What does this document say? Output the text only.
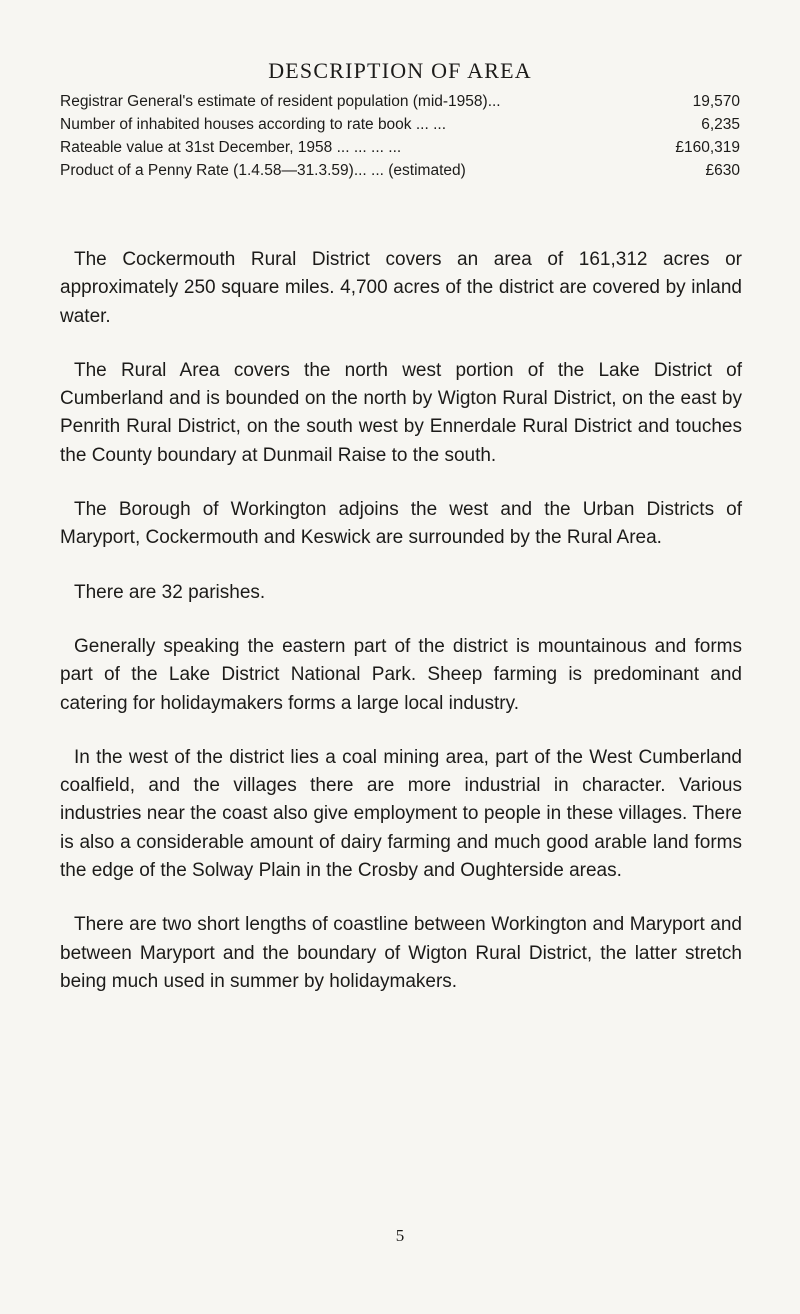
DESCRIPTION OF AREA
Registrar General's estimate of resident population (mid-1958)...	19,570
Number of inhabited houses according to rate book ... ...	6,235
Rateable value at 31st December, 1958 ... ... ... ...	£160,319
Product of a Penny Rate (1.4.58—31.3.59)... ... (estimated)	£630

The Cockermouth Rural District covers an area of 161,312 acres or approximately 250 square miles. 4,700 acres of the district are covered by inland water.

The Rural Area covers the north west portion of the Lake District of Cumberland and is bounded on the north by Wigton Rural District, on the east by Penrith Rural District, on the south west by Ennerdale Rural District and touches the County boundary at Dunmail Raise to the south.

The Borough of Workington adjoins the west and the Urban Districts of Maryport, Cockermouth and Keswick are surrounded by the Rural Area.

There are 32 parishes.

Generally speaking the eastern part of the district is mountainous and forms part of the Lake District National Park. Sheep farming is predominant and catering for holidaymakers forms a large local industry.

In the west of the district lies a coal mining area, part of the West Cumberland coalfield, and the villages there are more industrial in character. Various industries near the coast also give employment to people in these villages. There is also a considerable amount of dairy farming and much good arable land forms the edge of the Solway Plain in the Crosby and Oughterside areas.

There are two short lengths of coastline between Workington and Maryport and between Maryport and the boundary of Wigton Rural District, the latter stretch being much used in summer by holidaymakers.

5
